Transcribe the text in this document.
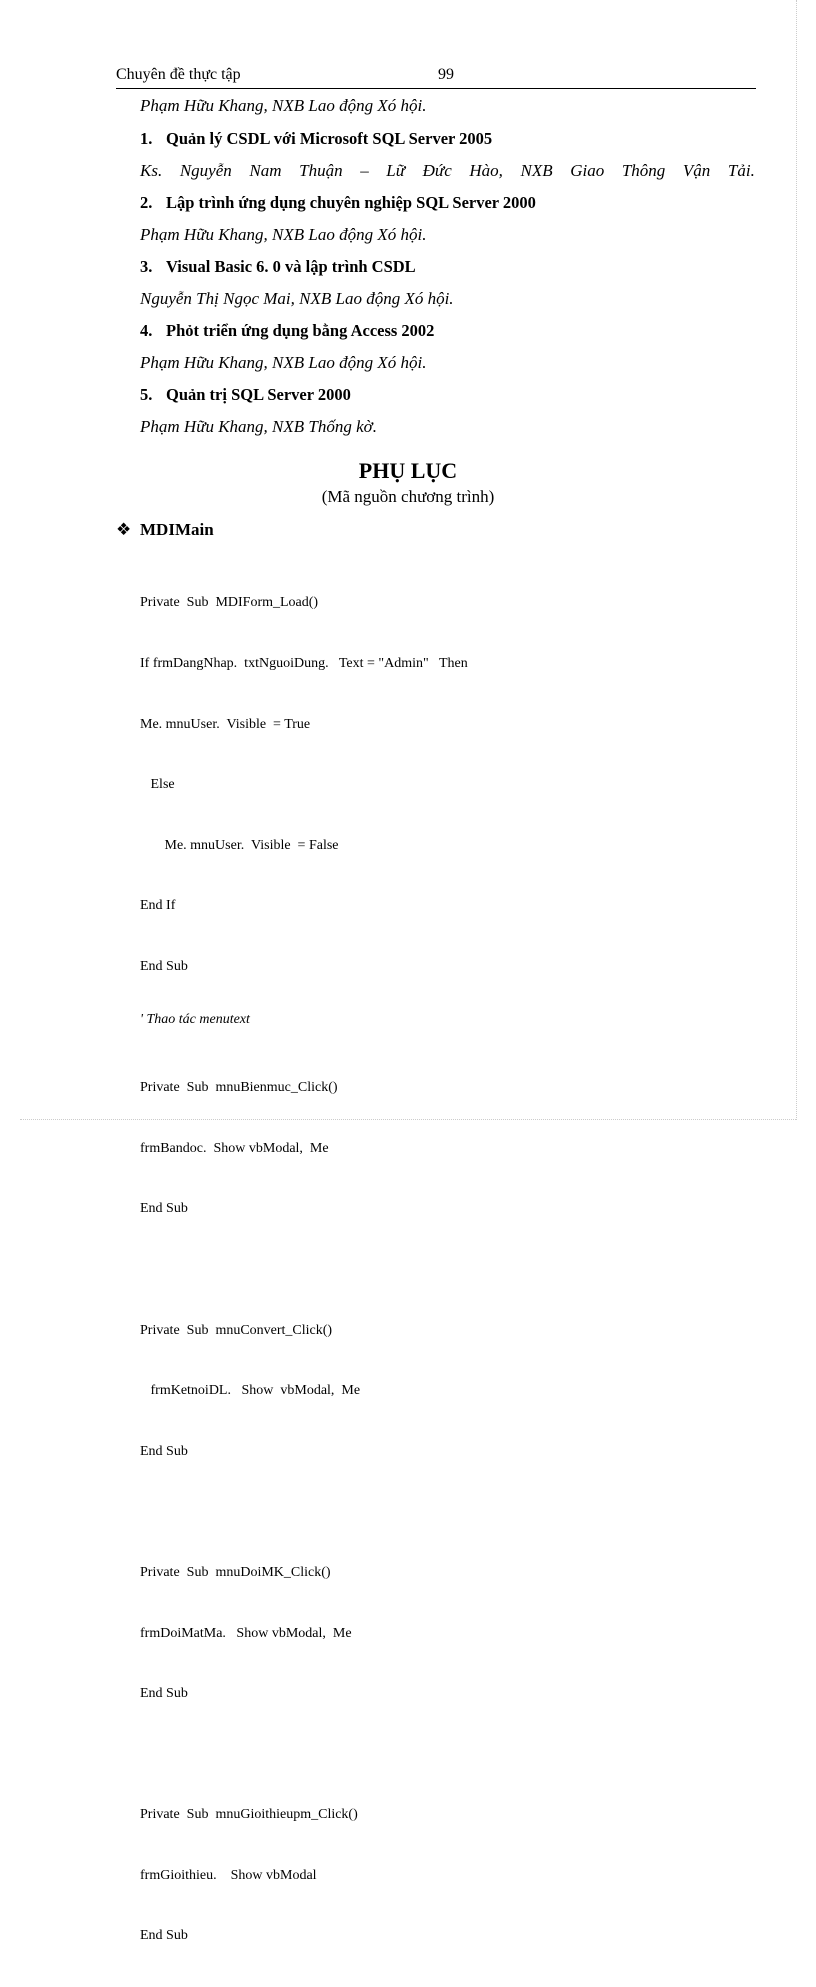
Chuyên đề thực tập	99
Phạm Hữu Khang, NXB Lao động Xó hội.
1. Quản lý CSDL với Microsoft SQL Server 2005
Ks. Nguyễn Nam Thuận – Lữ Đức Hào, NXB Giao Thông Vận Tải.
2. Lập trình ứng dụng chuyên nghiệp SQL Server 2000
Phạm Hữu Khang, NXB Lao động Xó hội.
3. Visual Basic 6. 0 và lập trình CSDL
Nguyễn Thị Ngọc Mai, NXB Lao động Xó hội.
4. Phỏt triển ứng dụng bằng Access 2002
Phạm Hữu Khang, NXB Lao động Xó hội.
5. Quản trị SQL Server 2000
Phạm Hữu Khang, NXB Thống kờ.
PHỤ LỤC
(Mã nguồn chương trình)
❖ MDIMain

Private  Sub  MDIForm_Load()

If frmDangNhap.  txtNguoiDung.   Text = "Admin"   Then

Me. mnuUser.  Visible  = True

Else

Me. mnuUser.  Visible  = False

End If

End Sub

Private  Sub  mnuBienmuc_Click()

frmBandoc.  Show vbModal,  Me

End Sub

Private  Sub  mnuConvert_Click()

frmKetnoiDL.   Show  vbModal,  Me

End Sub

Private  Sub  mnuDoiMK_Click()

frmDoiMatMa.   Show vbModal,  Me

End Sub

Private  Sub  mnuGioithieupm_Click()

frmGioithieu.    Show vbModal

End Sub

' Thao tác menutext
